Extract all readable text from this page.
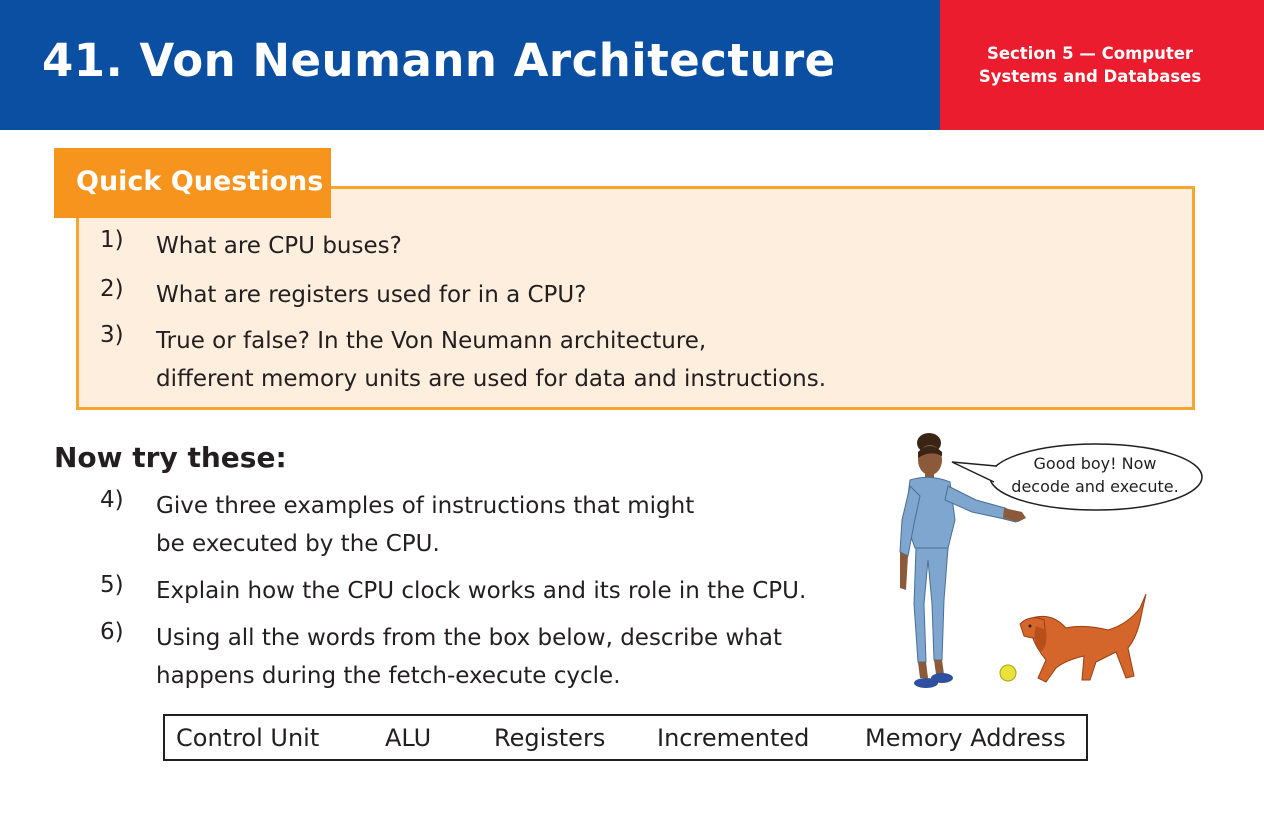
41. Von Neumann Architecture	Section 5 — Computer
Systems and Databases
Quick Questions
1) What are CPU buses?
2) What are registers used for in a CPU?
3) True or false? In the Von Neumann architecture,
different memory units are used for data and instructions.
Now try these:
4) Give three examples of instructions that might
be executed by the CPU.
5) Explain how the CPU clock works and its role in the CPU.
6) Using all the words from the box below, describe what
happens during the fetch-execute cycle.
Control Unit	ALU	Registers Incremented Memory Address
Good boy! Now
decode and execute.
